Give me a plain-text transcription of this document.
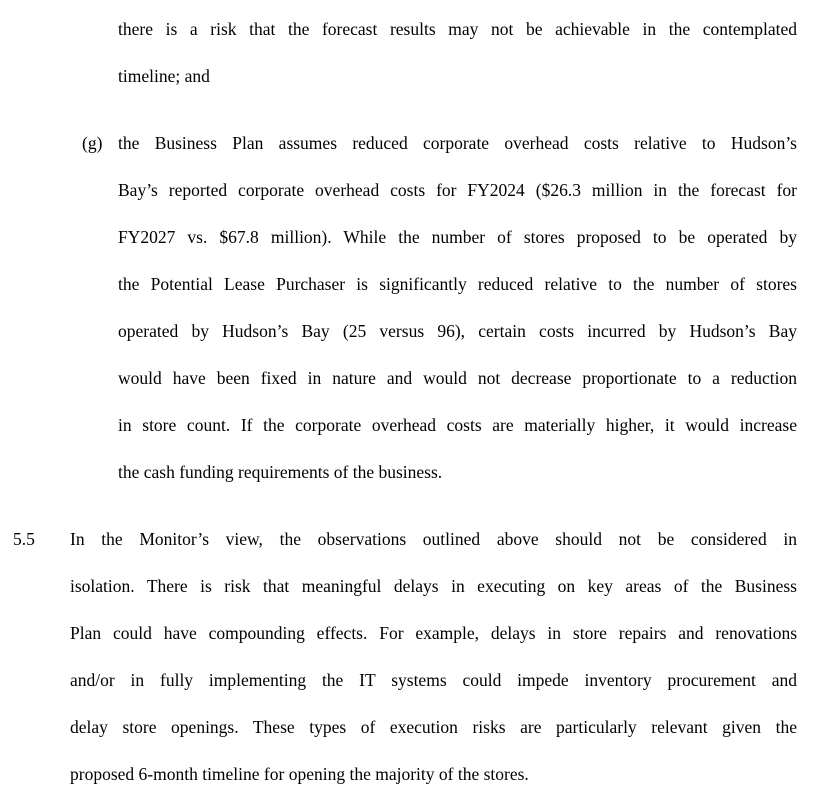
there is a risk that the forecast results may not be achievable in the contemplated
timeline; and
(g) the Business Plan assumes reduced corporate overhead costs relative to Hudson’s
Bay’s reported corporate overhead costs for FY2024 ($26.3 million in the forecast for
FY2027 vs. $67.8 million). While the number of stores proposed to be operated by
the Potential Lease Purchaser is significantly reduced relative to the number of stores
operated by Hudson’s Bay (25 versus 96), certain costs incurred by Hudson’s Bay
would have been fixed in nature and would not decrease proportionate to a reduction
in store count. If the corporate overhead costs are materially higher, it would increase
the cash funding requirements of the business.
5.5 In the Monitor’s view, the observations outlined above should not be considered in
isolation. There is risk that meaningful delays in executing on key areas of the Business
Plan could have compounding effects. For example, delays in store repairs and renovations
and/or in fully implementing the IT systems could impede inventory procurement and
delay store openings. These types of execution risks are particularly relevant given the
proposed 6-month timeline for opening the majority of the stores.
